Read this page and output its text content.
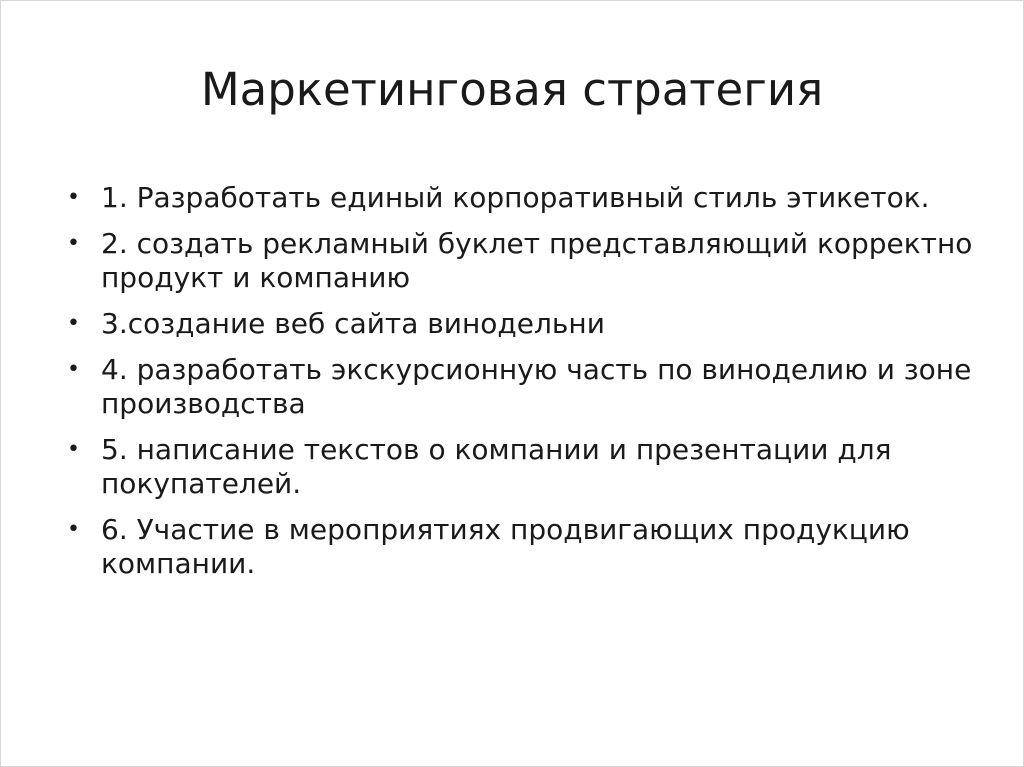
Маркетинговая стратегия
• 1. Разработать единый корпоративный стиль этикеток.
• 2. создать рекламный буклет представляющий корректно продукт и компанию
• 3.создание веб сайта винодельни
• 4. разработать экскурсионную часть по виноделию и зоне производства
• 5. написание текстов о компании и презентации для покупателей.
• 6. Участие в мероприятиях продвигающих продукцию компании.
